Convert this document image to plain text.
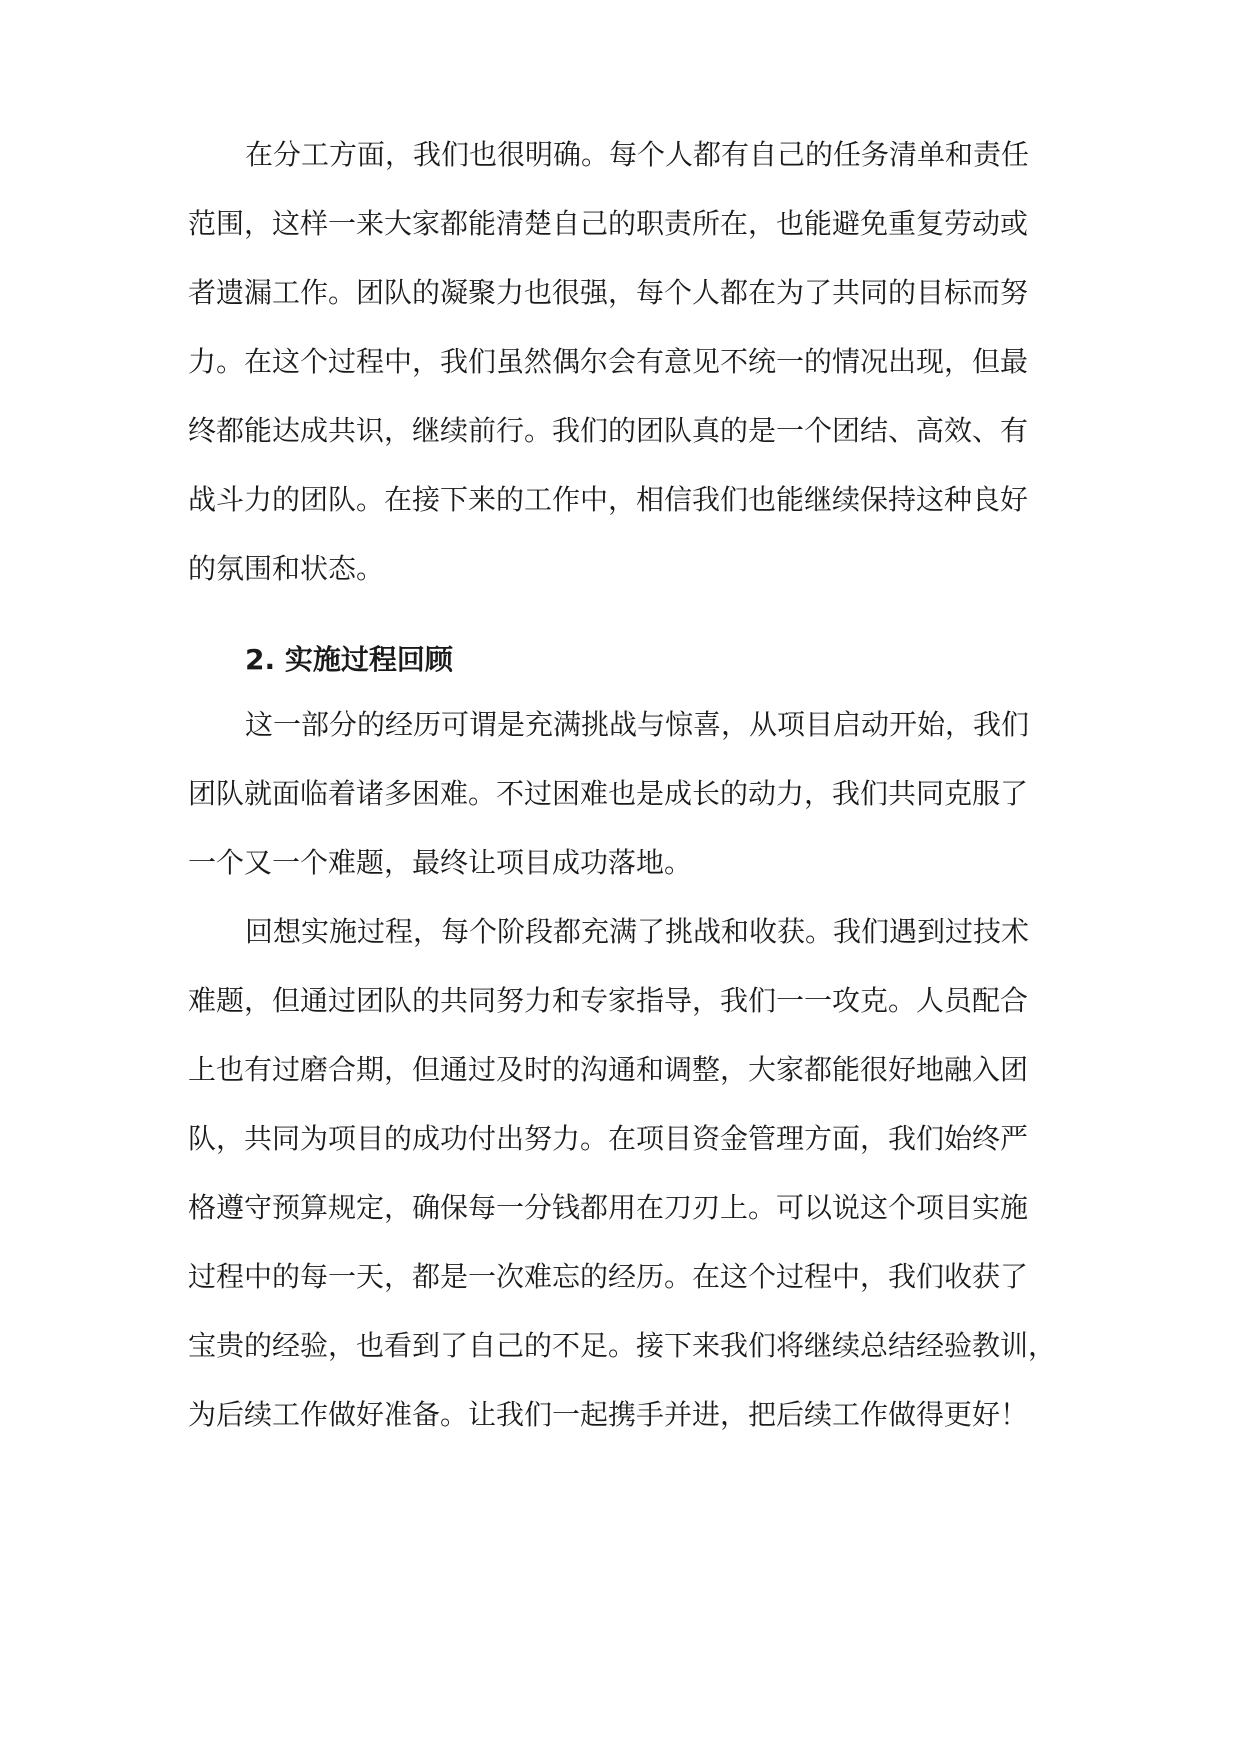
在分工方面，我们也很明确。每个人都有自己的任务清单和责任
范围，这样一来大家都能清楚自己的职责所在，也能避免重复劳动或
者遗漏工作。团队的凝聚力也很强，每个人都在为了共同的目标而努
力。在这个过程中，我们虽然偶尔会有意见不统一的情况出现，但最
终都能达成共识，继续前行。我们的团队真的是一个团结、高效、有
战斗力的团队。在接下来的工作中，相信我们也能继续保持这种良好
的氛围和状态。
2. 实施过程回顾
这一部分的经历可谓是充满挑战与惊喜，从项目启动开始，我们
团队就面临着诸多困难。不过困难也是成长的动力，我们共同克服了
一个又一个难题，最终让项目成功落地。
回想实施过程，每个阶段都充满了挑战和收获。我们遇到过技术
难题，但通过团队的共同努力和专家指导，我们一一攻克。人员配合
上也有过磨合期，但通过及时的沟通和调整，大家都能很好地融入团
队，共同为项目的成功付出努力。在项目资金管理方面，我们始终严
格遵守预算规定，确保每一分钱都用在刀刃上。可以说这个项目实施
过程中的每一天，都是一次难忘的经历。在这个过程中，我们收获了
宝贵的经验，也看到了自己的不足。接下来我们将继续总结经验教训，
为后续工作做好准备。让我们一起携手并进，把后续工作做得更好！
